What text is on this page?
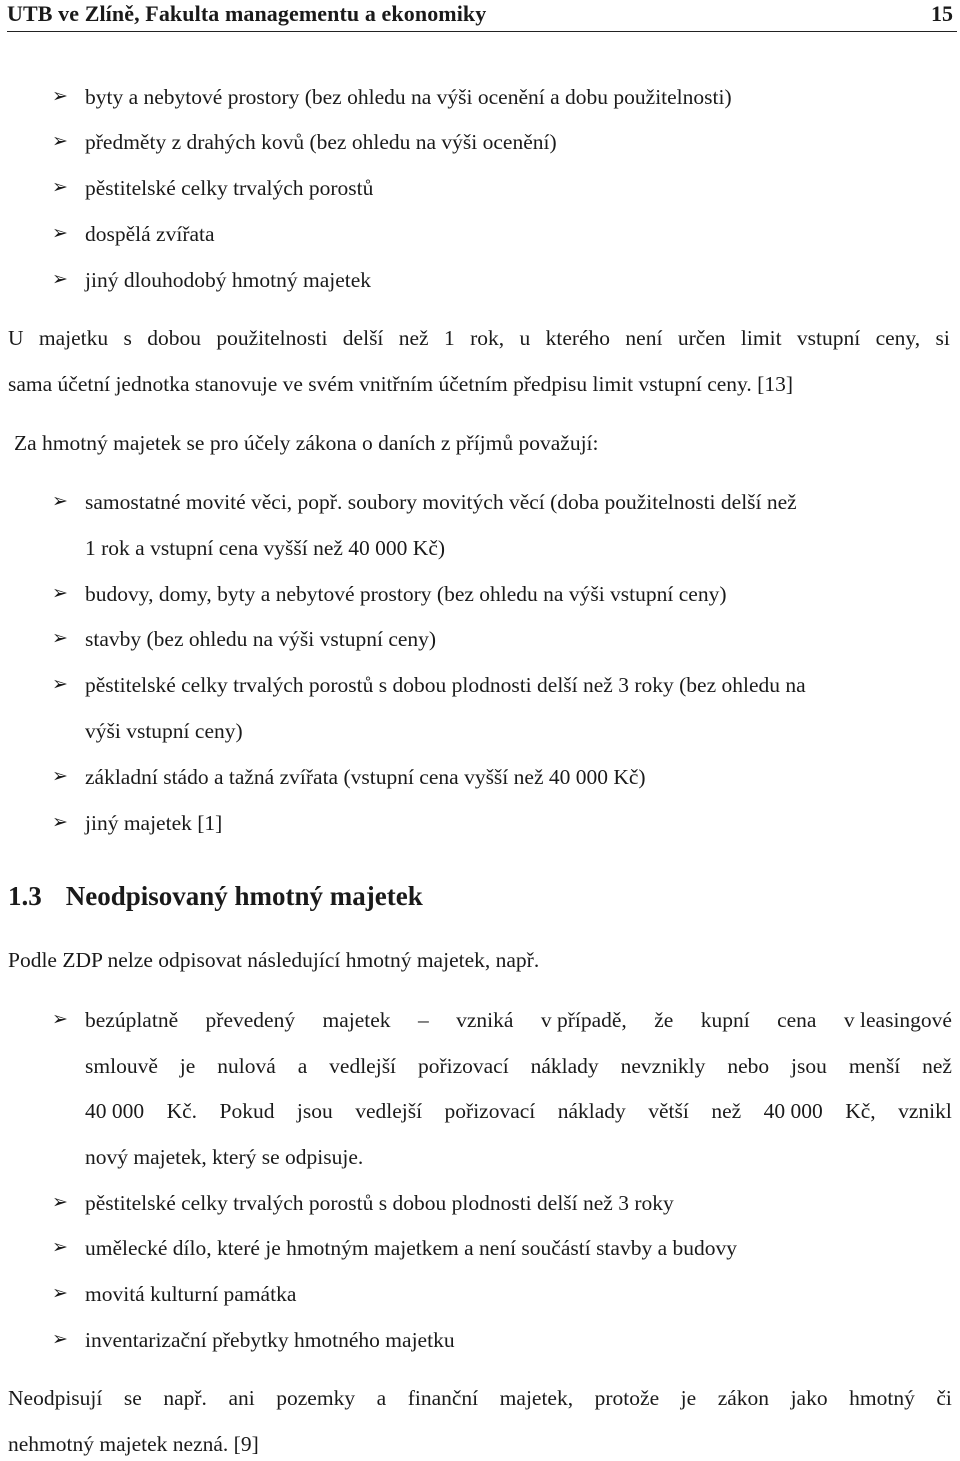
UTB ve Zlíně, Fakulta managementu a ekonomiky	15
➢ byty a nebytové prostory (bez ohledu na výši ocenění a dobu použitelnosti)
➢ předměty z drahých kovů (bez ohledu na výši ocenění)
➢ pěstitelské celky trvalých porostů
➢ dospělá zvířata
➢ jiný dlouhodobý hmotný majetek
U majetku s dobou použitelnosti delší než 1 rok, u kterého není určen limit vstupní ceny, si
sama účetní jednotka stanovuje ve svém vnitřním účetním předpisu limit vstupní ceny. [13]
Za hmotný majetek se pro účely zákona o daních z příjmů považují:
➢ samostatné movité věci, popř. soubory movitých věcí (doba použitelnosti delší než
1 rok a vstupní cena vyšší než 40 000 Kč)
➢ budovy, domy, byty a nebytové prostory (bez ohledu na výši vstupní ceny)
➢ stavby (bez ohledu na výši vstupní ceny)
➢ pěstitelské celky trvalých porostů s dobou plodnosti delší než 3 roky (bez ohledu na
výši vstupní ceny)
➢ základní stádo a tažná zvířata (vstupní cena vyšší než 40 000 Kč)
➢ jiný majetek [1]
1.3 Neodpisovaný hmotný majetek
Podle ZDP nelze odpisovat následující hmotný majetek, např.
➢ bezúplatně převedený majetek – vzniká v případě, že kupní cena v leasingové
smlouvě je nulová a vedlejší pořizovací náklady nevznikly nebo jsou menší než
40 000 Kč. Pokud jsou vedlejší pořizovací náklady větší než 40 000 Kč, vznikl
nový majetek, který se odpisuje.
➢ pěstitelské celky trvalých porostů s dobou plodnosti delší než 3 roky
➢ umělecké dílo, které je hmotným majetkem a není součástí stavby a budovy
➢ movitá kulturní památka
➢ inventarizační přebytky hmotného majetku
Neodpisují se např. ani pozemky a finanční majetek, protože je zákon jako hmotný či
nehmotný majetek nezná. [9]
